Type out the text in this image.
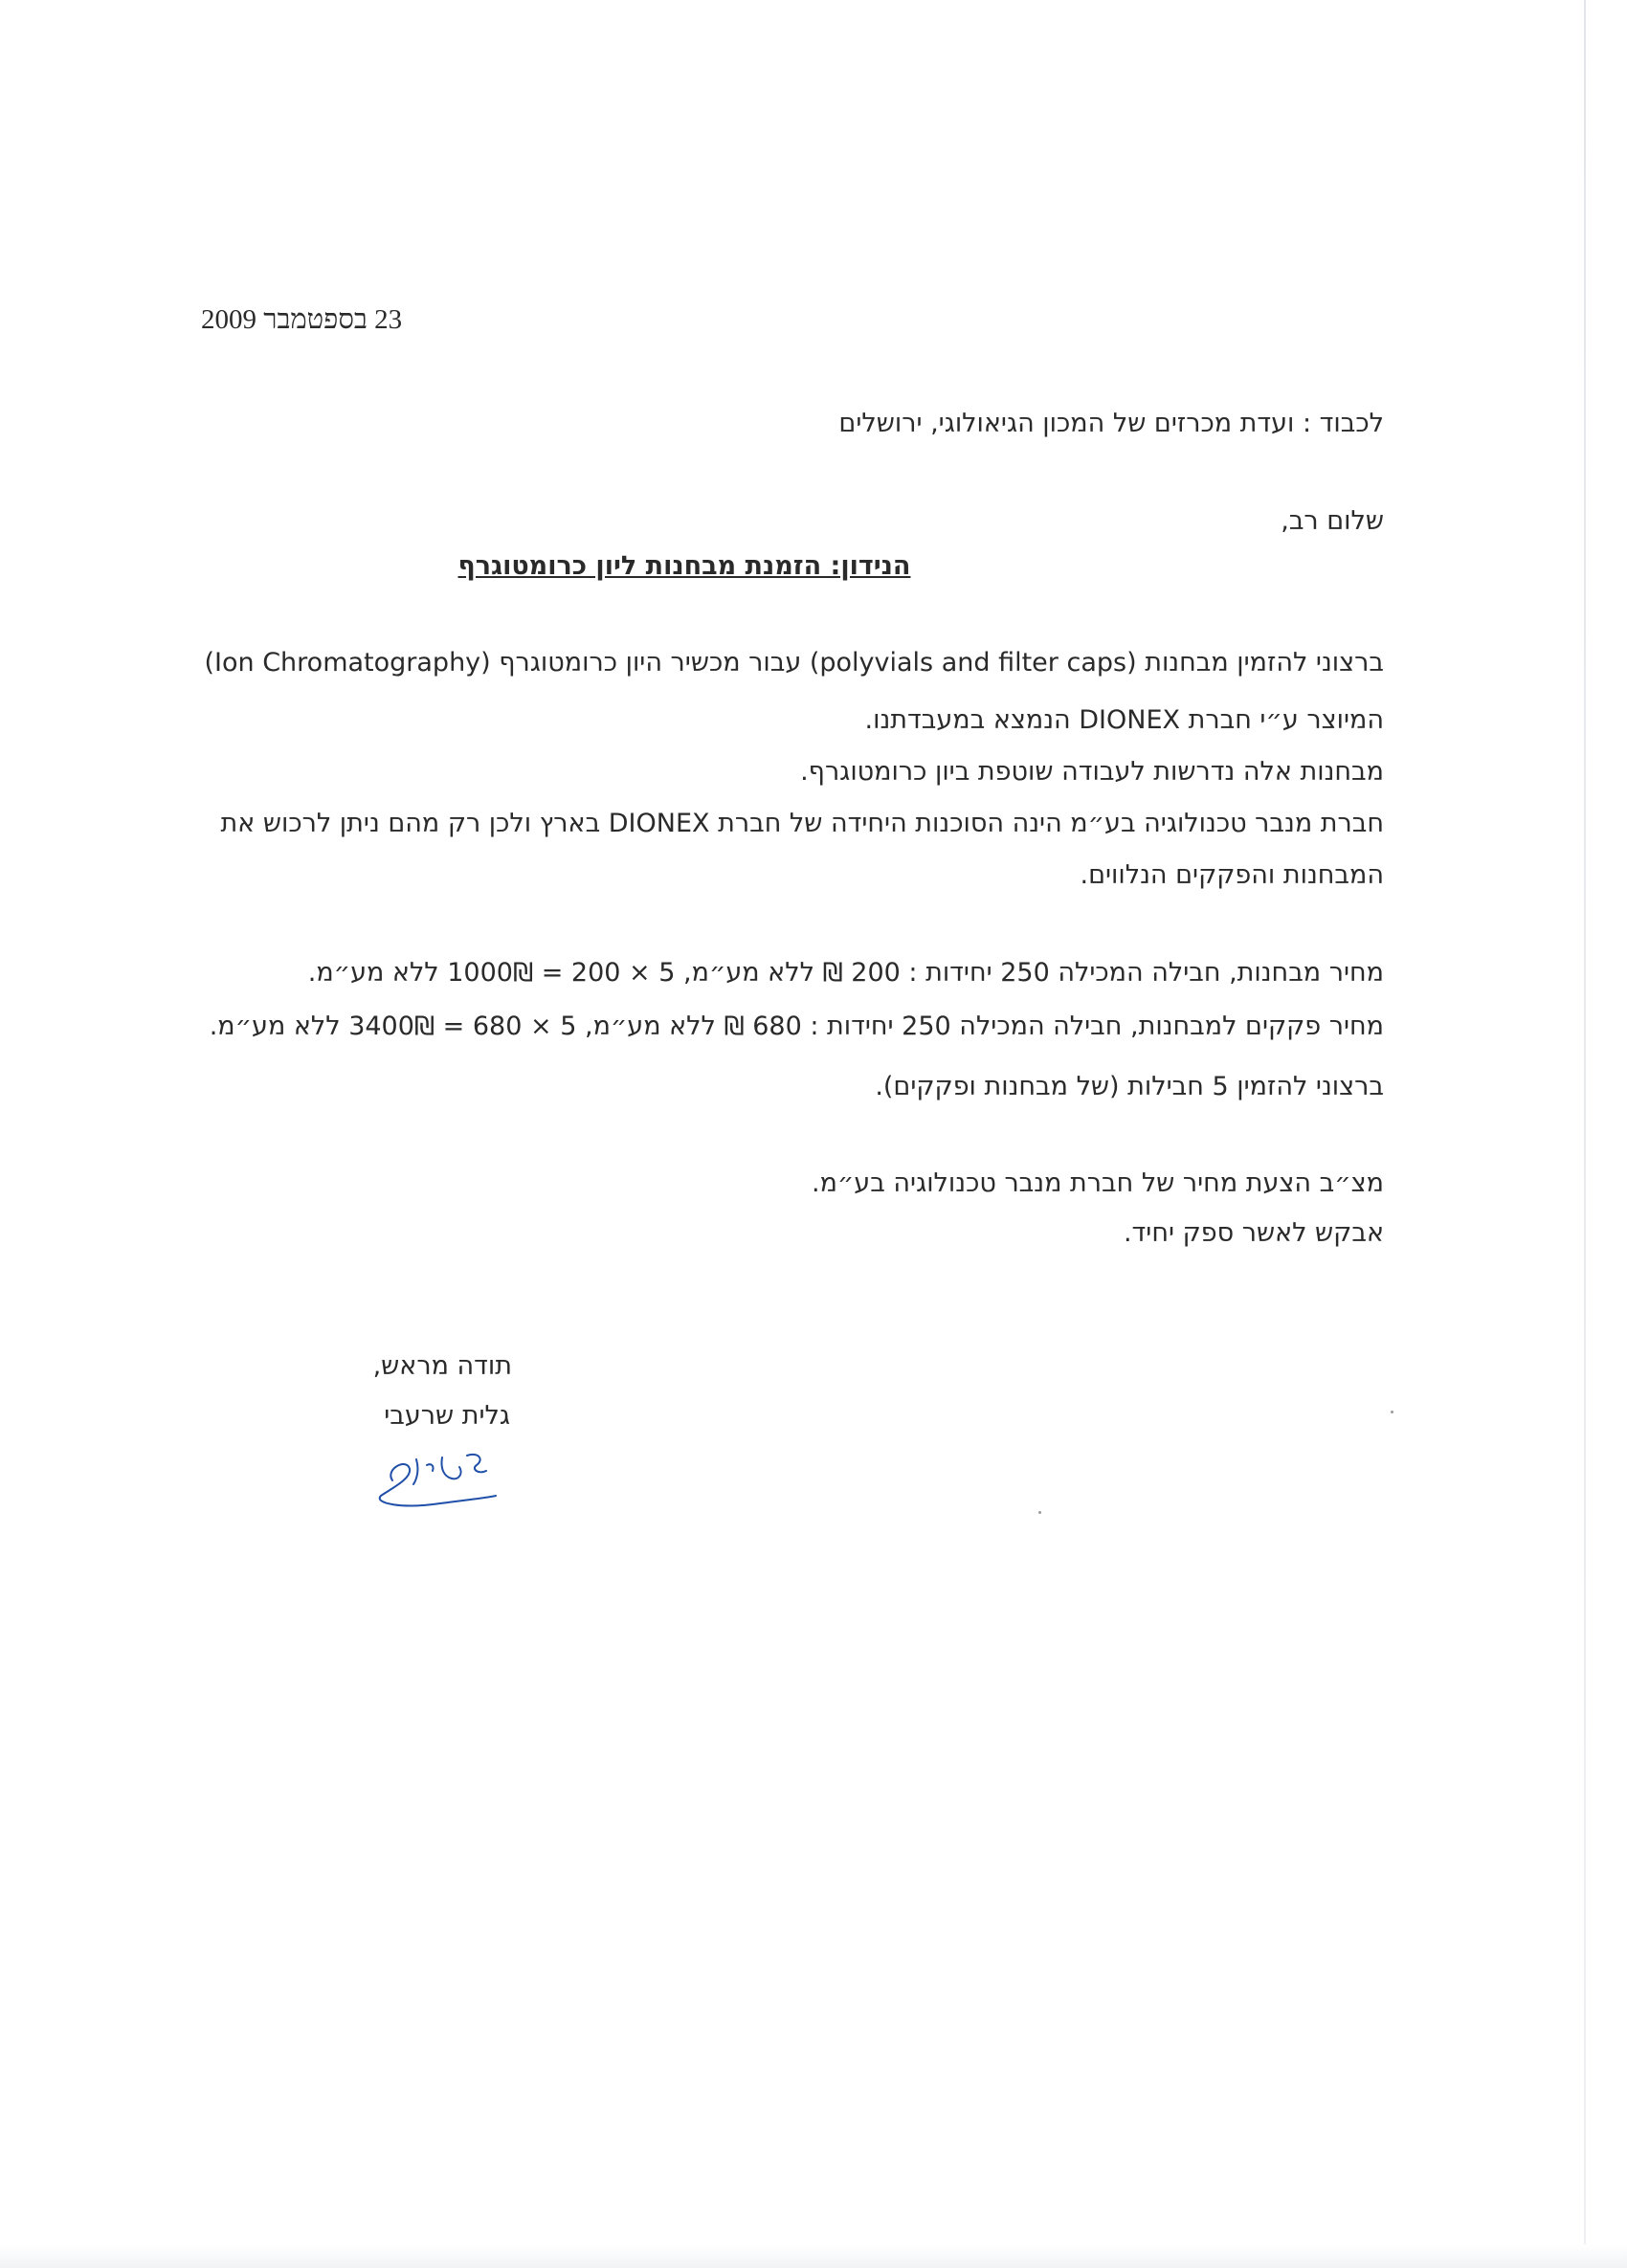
23 בספטמבר 2009
לכבוד : ועדת מכרזים של המכון הגיאולוגי, ירושלים
שלום רב,
הנידון: הזמנת מבחנות ליון כרומטוגרף
ברצוני להזמין מבחנות (polyvials and filter caps) עבור מכשיר היון כרומטוגרף (Ion Chromatography)
המיוצר ע״י חברת DIONEX הנמצא במעבדתנו.
מבחנות אלה נדרשות לעבודה שוטפת ביון כרומטוגרף.
חברת מנבר טכנולוגיה בע״מ הינה הסוכנות היחידה של חברת DIONEX בארץ ולכן רק מהם ניתן לרכוש את
המבחנות והפקקים הנלווים.
מחיר מבחנות, חבילה המכילה 250 יחידות : 200 ₪ ללא מע״מ, 5 × 200 = 1000₪ ללא מע״מ.
מחיר פקקים למבחנות, חבילה המכילה 250 יחידות : 680 ₪ ללא מע״מ, 5 × 680 = 3400₪ ללא מע״מ.
ברצוני להזמין 5 חבילות (של מבחנות ופקקים).
מצ״ב הצעת מחיר של חברת מנבר טכנולוגיה בע״מ.
אבקש לאשר ספק יחיד.
תודה מראש,
גלית שרעבי
